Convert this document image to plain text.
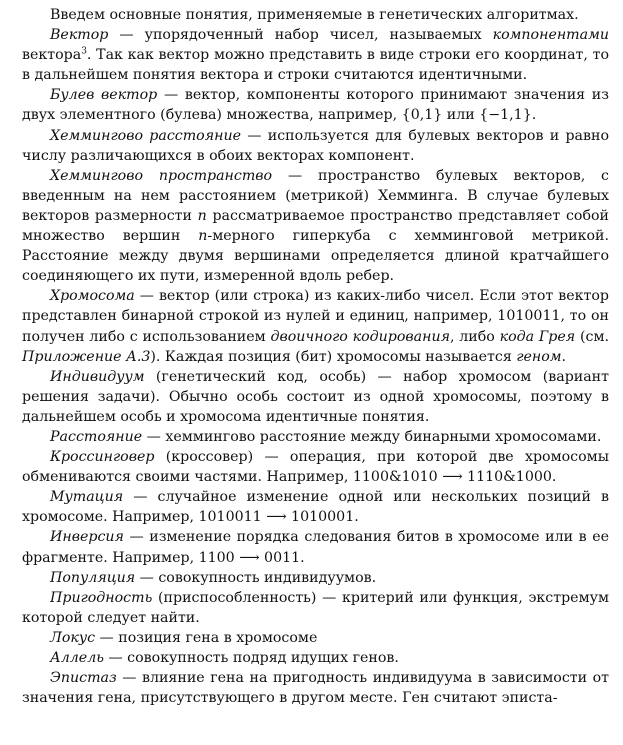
Введем основные понятия, применяемые в генетических алгоритмах.

Вектор — упорядоченный набор чисел, называемых компонентами вектора$^3$. Так как вектор можно представить в виде строки его координат, то в дальнейшем понятия вектора и строки считаются идентичными.

Булев вектор — вектор, компоненты которого принимают значения из двух элементного (булева) множества, например, {0,1} или {−1,1}.

Хеммингово расстояние — используется для булевых векторов и равно числу различающихся в обоих векторах компонент.

Хеммингово пространство — пространство булевых векторов, с введенным на нем расстоянием (метрикой) Хемминга. В случае булевых векторов размерности n рассматриваемое пространство представляет собой множество вершин n-мерного гиперкуба с хемминговой метрикой. Расстояние между двумя вершинами определяется длиной кратчайшего соединяющего их пути, измеренной вдоль ребер.

Хромосома — вектор (или строка) из каких-либо чисел. Если этот вектор представлен бинарной строкой из нулей и единиц, например, 1010011, то он получен либо с использованием двоичного кодирования, либо кода Грея (см. Приложение А.3). Каждая позиция (бит) хромосомы называется геном.

Индивидуум (генетический код, особь) — набор хромосом (вариант решения задачи). Обычно особь состоит из одной хромосомы, поэтому в дальнейшем особь и хромосома идентичные понятия.

Расстояние — хеммингово расстояние между бинарными хромосомами.

Кроссинговер (кроссовер) — операция, при которой две хромосомы обмениваются своими частями. Например, 1100&1010 ⟶ 1110&1000.

Мутация — случайное изменение одной или нескольких позиций в хромосоме. Например, 1010011 ⟶ 1010001.

Инверсия — изменение порядка следования битов в хромосоме или в ее фрагменте. Например, 1100 ⟶ 0011.

Популяция — совокупность индивидуумов.

Пригодность (приспособленность) — критерий или функция, экстремум которой следует найти.

Локус — позиция гена в хромосоме

Аллель — совокупность подряд идущих генов.

Эпистаз — влияние гена на пригодность индивидуума в зависимости от значения гена, присутствующего в другом месте. Ген считают эписта-
